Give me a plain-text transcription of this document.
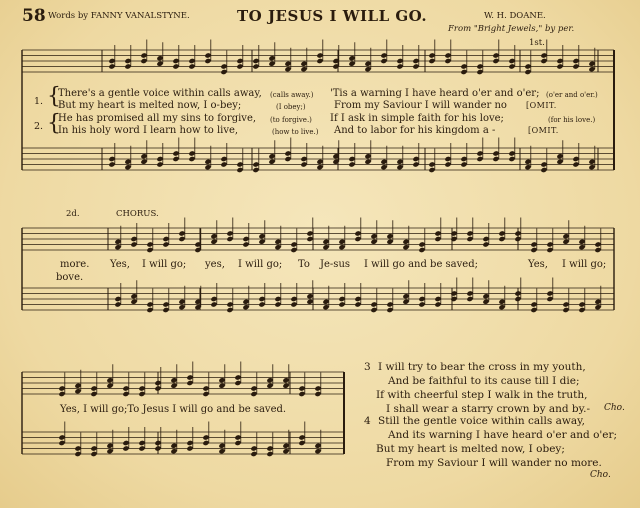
58 Words by FANNY VANALSTYNE.	TO JESUS I WILL GO.	W. H. DOANE.
From "Bright Jewels," by per.
1st.
{
{
1.
2.
There's a gentle voice within calls away, (calls away.) 'Tis a warning I have heard o'er and o'er; (o'er and o'er.)
But my heart is melted now, I o-bey;	(I obey;)	From my Saviour I will wander no [OMIT.
He has promised all my sins to forgive, (to forgive.) If I ask in simple faith for his love;	(for his love.)
In his holy word I learn how to live,	(how to live.) And to labor for his kingdom a -	[OMIT.
2d.	CHORUS.
more. Yes, I will go; yes, I will go; To Je-sus I will go and be saved;	Yes, I will go;
bove.
Yes, I will go;To Jesus I will go and be saved.
3 I will try to bear the cross in my youth,
And be faithful to its cause till I die;
If with cheerful step I walk in the truth,
I shall wear a starry crown by and by.- Cho.
4 Still the gentle voice within calls away,
And its warning I have heard o'er and o'er;
But my heart is melted now, I obey;
From my Saviour I will wander no more.
Cho.
